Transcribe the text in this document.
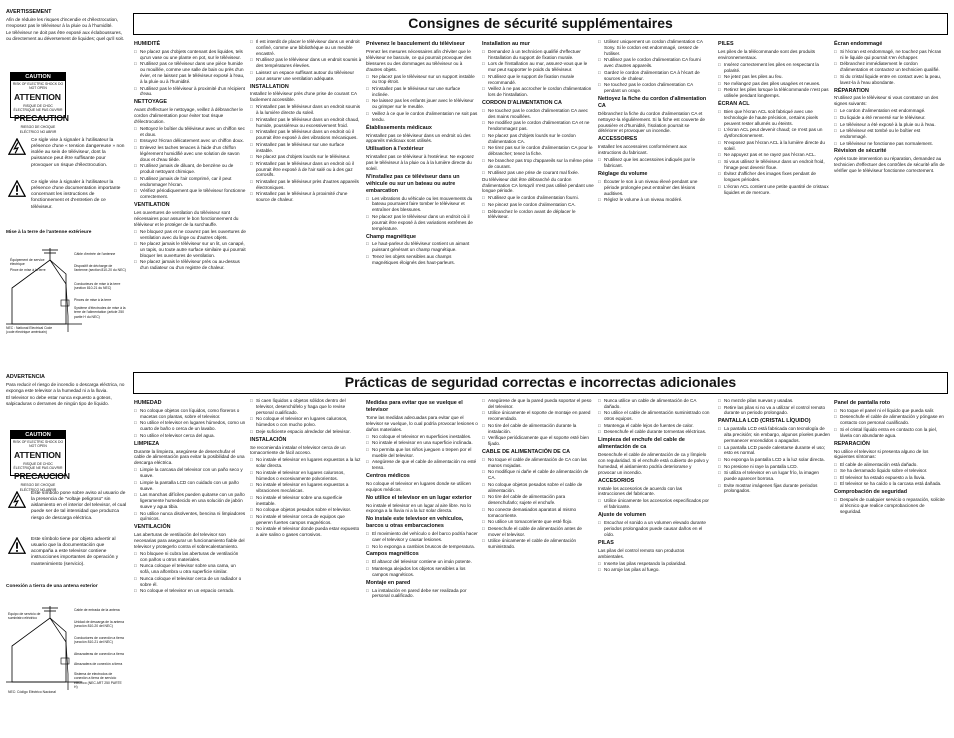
AVERTISSEMENT
Afin de réduire les risques d'incendie et d'électrocution, n'exposez pas le téléviseur à la pluie ou à l'humidité.
Le téléviseur ne doit pas être exposé aux éclaboussures, ou directement au déversement de liquides; quel qu'il soit.
CAUTION
RISK OF ELECTRIC SHOCK DO NOT OPEN
ATTENTION
RISQUE DE CHOC ÉLECTRIQUE NE PAS OUVRIR
PRECAUTION
RIESGO DE CHOQUE ELÉCTRICO NO ABRIR
Ce sigle vise à signaler à l'utilisateur la présence d'une « tension dangereuse » non isolée au sein de téléviseur, dont la puissance peut être suffisante pour provoquer un risque d'électrocution.
Ce sigle vise à signaler à l'utilisateur la présence d'une documentation importante concernant les instructions de fonctionnement et d'entretien de ce téléviseur.
Mise à la terre de l'antenne extérieure
Câble d'entrée de l'antenne
Dispositif de décharge de l'antenne (section 810-20 du NEC)
Conducteurs de mise à la terre (section 810-21 du NEC)
Pinces de mise à la terre
Système d'électrodes de mise à la terre de l'alimentation (article 250 partie H du NEC)
Équipement de service électrique
Pince de mise à la terre
NEC : National Electrical Code (code électrique américain)
ADVERTENCIA
Para reducir el riesgo de incendio o descarga eléctrica, no exponga este televisor a la humedad ni a la lluvia.
El televisor no debe estar nunca expuesto a goteos, salpicaduras o derrames de ningún tipo de líquido.
CAUTION
RISK OF ELECTRIC SHOCK DO NOT OPEN
ATTENTION
RISQUE DE CHOC ÉLECTRIQUE NE PAS OUVRIR
PRECAUCION
RIESGO DE CHOQUE ELÉCTRICO NO ABRIR
Este símbolo pone sobre aviso al usuario de la presencia de "voltaje peligroso" sin aislamiento en el interior del televisor, el cual puede ser de tal intensidad que produzca riesgo de descarga eléctrica.
Este símbolo tiene por objeto advertir al usuario que la documentación que acompaña a este televisor contiene instrucciones importantes de operación y mantenimiento (servicio).
Conexión a tierra de una antena exterior
Cable de entrada de la antena
Unidad de descarga de la antena (sección 810-20 del NEC)
Conductores de conexión a tierra (sección 810-21 del NEC)
Abrazaderas de conexión a tierra
Equipo de servicio de suministro eléctrico
Abrazadera de conexión a tierra
Sistema de electrodos de conexión a tierra de servicio eléctrico (NEC ART 250 PARTE H)
NEC: Código Eléctrico Nacional
Consignes de sécurité supplémentaires
Prácticas de seguridad correctas e incorrectas adicionales
HUMIDITÉ
□ Ne placez pas d'objets contenant des liquides, tels qu'un vase ou une plante en pot, sur le téléviseur.
□ N'utilisez pas ce téléviseur dans une pièce humide ou mouillée, comme une salle de bain ou près d'un évier, et ne laissez pas le téléviseur exposé à l'eau, à la pluie ou à l'humidité.
□ N'utilisez pas le téléviseur à proximité d'un récipient d'eau.
NETTOYAGE
Avant d'effectuer le nettoyage, veillez à débrancher le cordon d'alimentation pour éviter tout risque d'électrocution.
□ Nettoyez le boîtier du téléviseur avec un chiffon sec et doux.
□ Essuyez l'écran délicatement avec un chiffon doux.
□ Enlevez les taches tenaces à l'aide d'un chiffon légèrement humidifié avec une solution de savon doux et d'eau tiède.
□ N'utilisez jamais de diluant, de benzène ou de produit nettoyant chimique.
□ N'utilisez jamais de l'air comprimé, car il peut endommager l'écran.
□ Vérifiez périodiquement que le téléviseur fonctionne correctement.
VENTILATION
Les ouvertures de ventilation du téléviseur sont nécessaires pour assurer le bon fonctionnement du téléviseur et le protéger de la surchauffe.
□ Ne bloquez pas et ne couvrez pas les ouvertures de ventilation avec du linge ou d'autres objets.
□ Ne placez jamais le téléviseur sur un lit, un canapé, un tapis, ou toute autre surface similaire qui pourrait bloquer les ouvertures de ventilation.
□ Ne placez jamais le téléviseur près ou au-dessus d'un radiateur ou d'un registre de chaleur.
□ Il est interdit de placer le téléviseur dans un endroit confiné, comme une bibliothèque ou un meuble encastré.
□ N'utilisez pas le téléviseur dans un endroit soumis à des températures élevées.
□ Laissez un espace suffisant autour du téléviseur pour assurer une ventilation adéquate.
INSTALLATION
Installez le téléviseur près d'une prise de courant CA facilement accessible.
□ N'installez pas le téléviseur dans un endroit soumis à la lumière directe du soleil.
□ N'installez pas le téléviseur dans un endroit chaud, humide, poussiéreux ou excessivement froid.
□ N'installez pas le téléviseur dans un endroit où il pourrait être exposé à des vibrations mécaniques.
□ N'installez pas le téléviseur sur une surface instable.
□ Ne placez pas d'objets lourds sur le téléviseur.
□ N'installez pas le téléviseur dans un endroit où il pourrait être exposé à de l'air salé ou à des gaz corrosifs.
□ N'installez pas le téléviseur près d'autres appareils électroniques.
□ N'installez pas le téléviseur à proximité d'une source de chaleur.
Prévenez le basculement du téléviseur
Prenez les mesures nécessaires afin d'éviter que le téléviseur ne bascule, ce qui pourrait provoquer des blessures ou des dommages au téléviseur ou à d'autres objets.
□ Ne placez pas le téléviseur sur un support instable ou trop étroit.
□ N'installez pas le téléviseur sur une surface inclinée.
□ Ne laissez pas les enfants jouer avec le téléviseur ou grimper sur le meuble.
□ Veillez à ce que le cordon d'alimentation ne soit pas tendu.
Établissements médicaux
N'installez pas ce téléviseur dans un endroit où des appareils médicaux sont utilisés.
Utilisation à l'extérieur
N'installez pas ce téléviseur à l'extérieur. Ne exposez pas le téléviseur à la pluie ou à la lumière directe du soleil.
N'installez pas ce téléviseur dans un véhicule ou sur un bateau ou autre embarcation
□ Les vibrations du véhicule ou les mouvements du bateau pourraient faire tomber le téléviseur et entraîner des blessures.
□ Ne placez pas le téléviseur dans un endroit où il pourrait être exposé à des variations extrêmes de température.
Champ magnétique
□ Le haut-parleur du téléviseur contient un aimant puissant générant un champ magnétique.
□ Tenez les objets sensibles aux champs magnétiques éloignés des haut-parleurs.
Installation au mur
□ Demandez à un technicien qualifié d'effectuer l'installation du support de fixation murale.
□ Lors de l'installation au mur, assurez-vous que le mur peut supporter le poids du téléviseur.
□ N'utilisez que le support de fixation murale recommandé.
□ Veillez à ne pas accrocher le cordon d'alimentation lors de l'installation.
CORDON D'ALIMENTATION CA
□ Ne touchez pas le cordon d'alimentation CA avec des mains mouillées.
□ Ne modifiez pas le cordon d'alimentation CA et ne l'endommagez pas.
□ Ne placez pas d'objets lourds sur le cordon d'alimentation CA.
□ Ne tirez pas sur le cordon d'alimentation CA pour le débrancher; tenez la fiche.
□ Ne branchez pas trop d'appareils sur la même prise de courant.
□ N'utilisez pas une prise de courant mal fixée.
Du téléviseur doit être débranché du cordon d'alimentation CA lorsqu'il n'est pas utilisé pendant une longue période.
□ N'utilisez que le cordon d'alimentation fourni.
□ Ne pincez pas le cordon d'alimentation CA.
□ Débranchez le cordon avant de déplacer le téléviseur.
□ Utilisez uniquement un cordon d'alimentation CA Sony. Si le cordon est endommagé, cessez de l'utiliser.
□ N'utilisez pas le cordon d'alimentation CA fourni avec d'autres appareils.
□ Gardez le cordon d'alimentation CA à l'écart de sources de chaleur.
□ Ne touchez pas le cordon d'alimentation CA pendant un orage.
Nettoyez la fiche du cordon d'alimentation CA
Débranchez la fiche du cordon d'alimentation CA et nettoyez-la régulièrement. Si la fiche est couverte de poussière et d'humidité, l'isolation pourrait se détériorer et provoquer un incendie.
ACCESSOIRES
Installez les accessoires conformément aux instructions du fabricant.
□ N'utilisez que les accessoires indiqués par le fabricant.
Réglage du volume
□ Écouter le son à un niveau élevé pendant une période prolongée peut entraîner des lésions auditives.
□ Réglez le volume à un niveau modéré.
PILES
Les piles de la télécommande sont des produits environnementaux.
□ Insérez correctement les piles en respectant la polarité.
□ Ne jetez pas les piles au feu.
□ Ne mélangez pas des piles usagées et neuves.
□ Retirez les piles lorsque la télécommande n'est pas utilisée pendant longtemps.
ÉCRAN ACL
□ Bien que l'écran ACL soit fabriqué avec une technologie de haute précision, certains pixels peuvent rester allumés ou éteints.
□ L'écran ACL peut devenir chaud; ce n'est pas un dysfonctionnement.
□ N'exposez pas l'écran ACL à la lumière directe du soleil.
□ Ne appuyez pas et ne rayez pas l'écran ACL.
□ Si vous utilisez le téléviseur dans un endroit froid, l'image peut devenir floue.
□ Évitez d'afficher des images fixes pendant de longues périodes.
□ L'écran ACL contient une petite quantité de cristaux liquides et de mercure.
Écran endommagé
□ Si l'écran est endommagé, ne touchez pas l'écran ni le liquide qui pourrait s'en échapper.
□ Débranchez immédiatement le cordon d'alimentation et contactez un technicien qualifié.
□ Si du cristal liquide entre en contact avec la peau, lavez-la à l'eau abondante.
RÉPARATION
N'utilisez pas le téléviseur si vous constatez un des signes suivants:
□ Le cordon d'alimentation est endommagé.
□ Du liquide a été renversé sur le téléviseur.
□ Le téléviseur a été exposé à la pluie ou à l'eau.
□ Le téléviseur est tombé ou le boîtier est endommagé.
□ Le téléviseur ne fonctionne pas normalement.
Révision de sécurité
Après toute intervention ou réparation, demandez au technicien d'effectuer des contrôles de sécurité afin de vérifier que le téléviseur fonctionne correctement.
HUMEDAD
□ No coloque objetos con líquidos, como floreros o macetas con plantas, sobre el televisor.
□ No utilice el televisor en lugares húmedos, como un cuarto de baño o cerca de un lavabo.
□ No utilice el televisor cerca del agua.
LIMPIEZA
Durante la limpieza, asegúrese de desenchufar el cable de alimentación para evitar la posibilidad de una descarga eléctrica.
□ Limpie la carcasa del televisor con un paño seco y suave.
□ Limpie la pantalla LCD con cuidado con un paño suave.
□ Las manchas difíciles pueden quitarse con un paño ligeramente humedecido en una solución de jabón suave y agua tibia.
□ No utilice nunca disolventes, bencina ni limpiadores químicos.
VENTILACIÓN
Las aberturas de ventilación del televisor son necesarias para asegurar un funcionamiento fiable del televisor y protegerlo contra el sobrecalentamiento.
□ No bloquee ni cubra las aberturas de ventilación con paños u otros materiales.
□ Nunca coloque el televisor sobre una cama, un sofá, una alfombra u otra superficie similar.
□ Nunca coloque el televisor cerca de un radiador o sobre él.
□ No coloque el televisor en un espacio cerrado.
□ Si caen líquidos u objetos sólidos dentro del televisor, desenchúfelo y haga que lo revise personal cualificado.
□ No coloque el televisor en lugares calurosos, húmedos o con mucho polvo.
□ Deje suficiente espacio alrededor del televisor.
INSTALACIÓN
Se recomienda instalar el televisor cerca de un tomacorriente de fácil acceso.
□ No instale el televisor en lugares expuestos a la luz solar directa.
□ No instale el televisor en lugares calurosos, húmedos o excesivamente polvorientos.
□ No instale el televisor en lugares expuestos a vibraciones mecánicas.
□ No instale el televisor sobre una superficie inestable.
□ No coloque objetos pesados sobre el televisor.
□ No instale el televisor cerca de equipos que generen fuertes campos magnéticos.
□ No instale el televisor donde pueda estar expuesto a aire salino o gases corrosivos.
Medidas para evitar que se vuelque el televisor
Tome las medidas adecuadas para evitar que el televisor se vuelque, lo cual podría provocar lesiones o daños materiales.
□ No coloque el televisor en superficies inestables.
□ No instale el televisor en una superficie inclinada.
□ No permita que los niños jueguen o trepen por el mueble del televisor.
□ Asegúrese de que el cable de alimentación no esté tenso.
Centros médicos
No coloque el televisor en lugares donde se utilicen equipos médicos.
No utilice el televisor en un lugar exterior
No instale el televisor en un lugar al aire libre. No lo exponga a la lluvia ni a la luz solar directa.
No instale este televisor en vehículos, barcos u otras embarcaciones
□ El movimiento del vehículo o del barco podría hacer caer el televisor y causar lesiones.
□ No lo exponga a cambios bruscos de temperatura.
Campos magnéticos
□ El altavoz del televisor contiene un imán potente.
□ Mantenga alejados los objetos sensibles a los campos magnéticos.
Montaje en pared
□ La instalación en pared debe ser realizada por personal cualificado.
□ Asegúrese de que la pared pueda soportar el peso del televisor.
□ Utilice únicamente el soporte de montaje en pared recomendado.
□ No tire del cable de alimentación durante la instalación.
□ Verifique periódicamente que el soporte esté bien fijado.
CABLE DE ALIMENTACIÓN DE CA
□ No toque el cable de alimentación de CA con las manos mojadas.
□ No modifique ni dañe el cable de alimentación de CA.
□ No coloque objetos pesados sobre el cable de alimentación.
□ No tire del cable de alimentación para desenchufarlo; sujete el enchufe.
□ No conecte demasiados aparatos al mismo tomacorriente.
□ No utilice un tomacorriente que esté flojo.
□ Desenchufe el cable de alimentación antes de mover el televisor.
□ Utilice únicamente el cable de alimentación suministrado.
□ Nunca utilice un cable de alimentación de CA dañado.
□ No utilice el cable de alimentación suministrado con otros equipos.
□ Mantenga el cable lejos de fuentes de calor.
□ Desenchufe el cable durante tormentas eléctricas.
Limpieza del enchufe del cable de alimentación de ca
Desenchufe el cable de alimentación de ca y límpielo con regularidad. Si el enchufe está cubierto de polvo y humedad, el aislamiento podría deteriorarse y provocar un incendio.
ACCESORIOS
Instale los accesorios de acuerdo con las instrucciones del fabricante.
□ Utilice únicamente los accesorios especificados por el fabricante.
Ajuste de volumen
□ Escuchar el sonido a un volumen elevado durante periodos prolongados puede causar daños en el oído.
PILAS
Las pilas del control remoto son productos ambientales.
□ Inserte las pilas respetando la polaridad.
□ No arroje las pilas al fuego.
□ No mezcle pilas nuevas y usadas.
□ Retire las pilas si no va a utilizar el control remoto durante un periodo prolongado.
PANTALLA LCD (CRISTAL LÍQUIDO)
□ La pantalla LCD está fabricada con tecnología de alta precisión; sin embargo, algunos píxeles pueden permanecer encendidos o apagados.
□ La pantalla LCD puede calentarse durante el uso; esto es normal.
□ No exponga la pantalla LCD a la luz solar directa.
□ No presione ni raye la pantalla LCD.
□ Si utiliza el televisor en un lugar frío, la imagen puede aparecer borrosa.
□ Evite mostrar imágenes fijas durante periodos prolongados.
Panel de pantalla roto
□ No toque el panel ni el líquido que pueda salir.
□ Desenchufe el cable de alimentación y póngase en contacto con personal cualificado.
□ Si el cristal líquido entra en contacto con la piel, lávela con abundante agua.
REPARACIÓN
No utilice el televisor si presenta alguno de los siguientes síntomas:
□ El cable de alimentación está dañado.
□ Se ha derramado líquido sobre el televisor.
□ El televisor ha estado expuesto a la lluvia.
□ El televisor se ha caído o la carcasa está dañada.
Comprobación de seguridad
□ Después de cualquier servicio o reparación, solicite al técnico que realice comprobaciones de seguridad.
